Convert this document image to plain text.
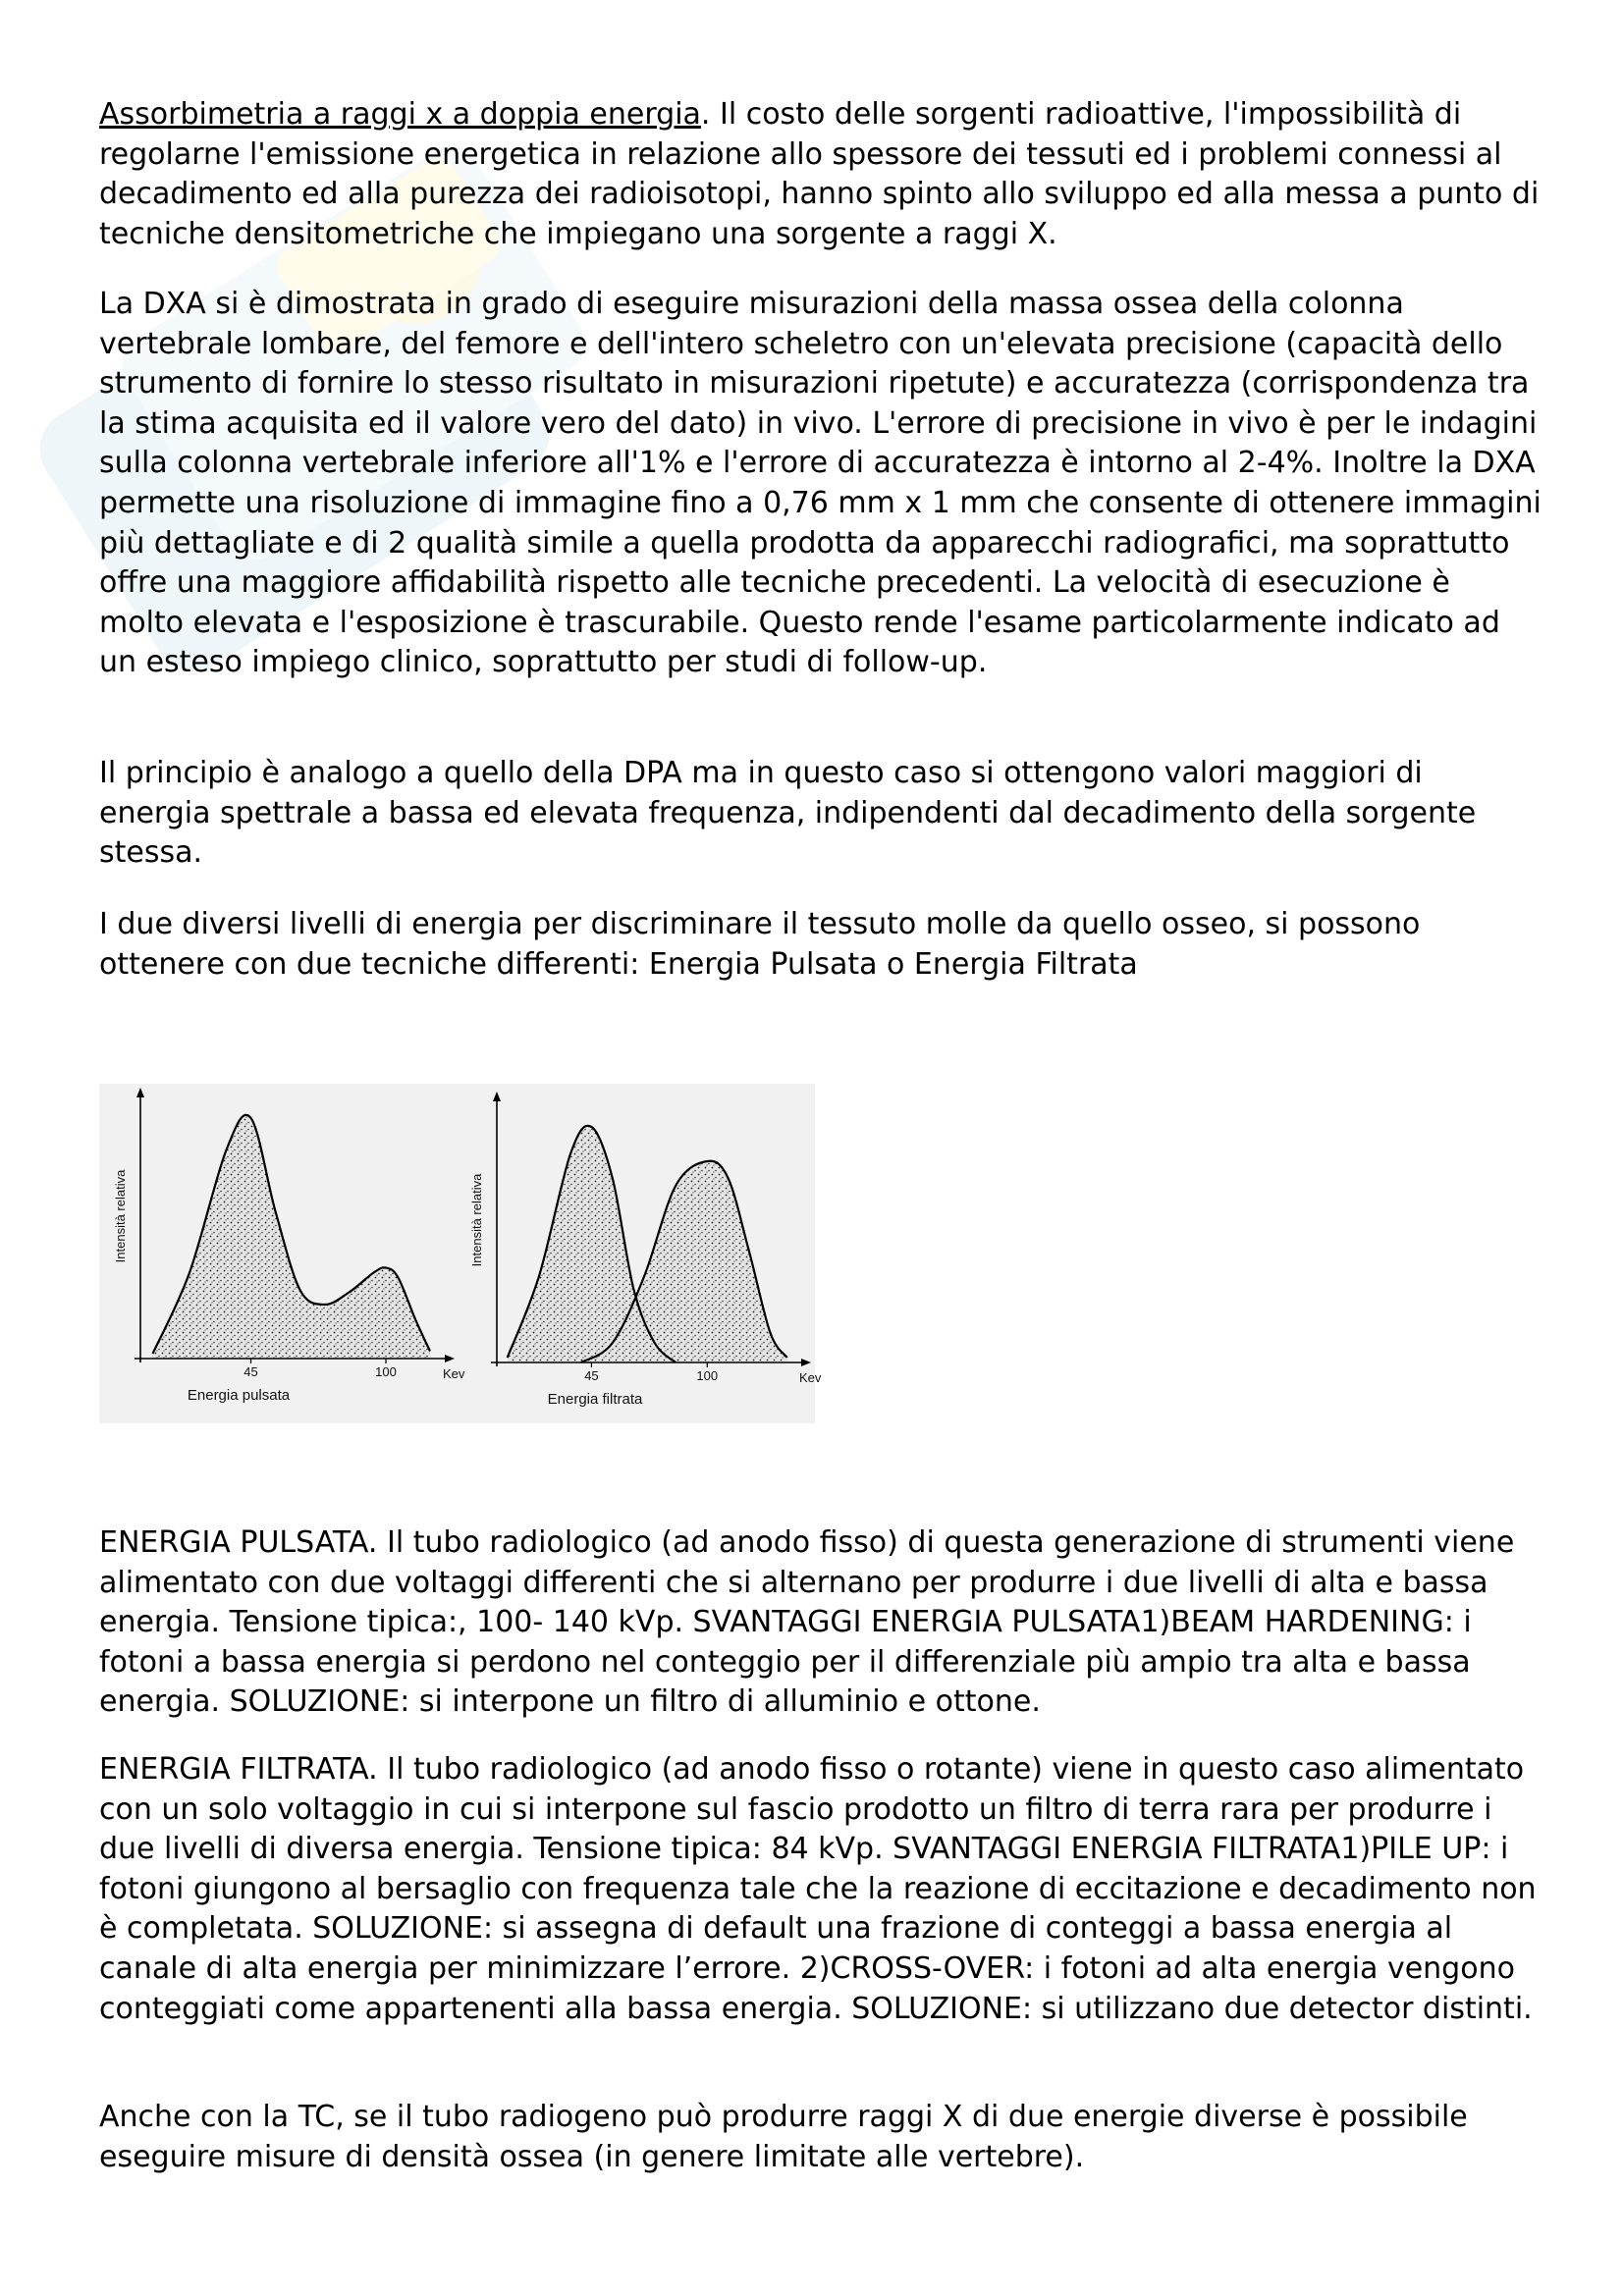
Assorbimetria a raggi x a doppia energia. Il costo delle sorgenti radioattive, l'impossibilità di regolarne l'emissione energetica in relazione allo spessore dei tessuti ed i problemi connessi al decadimento ed alla purezza dei radioisotopi, hanno spinto allo sviluppo ed alla messa a punto di tecniche densitometriche che impiegano una sorgente a raggi X.

La DXA si è dimostrata in grado di eseguire misurazioni della massa ossea della colonna vertebrale lombare, del femore e dell'intero scheletro con un'elevata precisione (capacità dello strumento di fornire lo stesso risultato in misurazioni ripetute) e accuratezza (corrispondenza tra la stima acquisita ed il valore vero del dato) in vivo. L'errore di precisione in vivo è per le indagini sulla colonna vertebrale inferiore all'1% e l'errore di accuratezza è intorno al 2-4%. Inoltre la DXA permette una risoluzione di immagine fino a 0,76 mm x 1 mm che consente di ottenere immagini più dettagliate e di 2 qualità simile a quella prodotta da apparecchi radiografici, ma soprattutto offre una maggiore affidabilità rispetto alle tecniche precedenti. La velocità di esecuzione è molto elevata e l'esposizione è trascurabile. Questo rende l'esame particolarmente indicato ad un esteso impiego clinico, soprattutto per studi di follow-up.

Il principio è analogo a quello della DPA ma in questo caso si ottengono valori maggiori di energia spettrale a bassa ed elevata frequenza, indipendenti dal decadimento della sorgente stessa.

I due diversi livelli di energia per discriminare il tessuto molle da quello osseo, si possono ottenere con due tecniche differenti: Energia Pulsata o Energia Filtrata

45	100	Kev
Energia pulsata
Intensità relativa
45	100	Kev
Energia filtrata
Intensità relativa

ENERGIA PULSATA. Il tubo radiologico (ad anodo fisso) di questa generazione di strumenti viene alimentato con due voltaggi differenti che si alternano per produrre i due livelli di alta e bassa energia. Tensione tipica:, 100- 140 kVp. SVANTAGGI ENERGIA PULSATA1)BEAM HARDENING: i fotoni a bassa energia si perdono nel conteggio per il differenziale più ampio tra alta e bassa energia. SOLUZIONE: si interpone un filtro di alluminio e ottone.

ENERGIA FILTRATA. Il tubo radiologico (ad anodo fisso o rotante) viene in questo caso alimentato con un solo voltaggio in cui si interpone sul fascio prodotto un filtro di terra rara per produrre i due livelli di diversa energia. Tensione tipica: 84 kVp. SVANTAGGI ENERGIA FILTRATA1)PILE UP: i fotoni giungono al bersaglio con frequenza tale che la reazione di eccitazione e decadimento non è completata. SOLUZIONE: si assegna di default una frazione di conteggi a bassa energia al canale di alta energia per minimizzare l’errore. 2)CROSS-OVER: i fotoni ad alta energia vengono conteggiati come appartenenti alla bassa energia. SOLUZIONE: si utilizzano due detector distinti.

Anche con la TC, se il tubo radiogeno può produrre raggi X di due energie diverse è possibile eseguire misure di densità ossea (in genere limitate alle vertebre).
